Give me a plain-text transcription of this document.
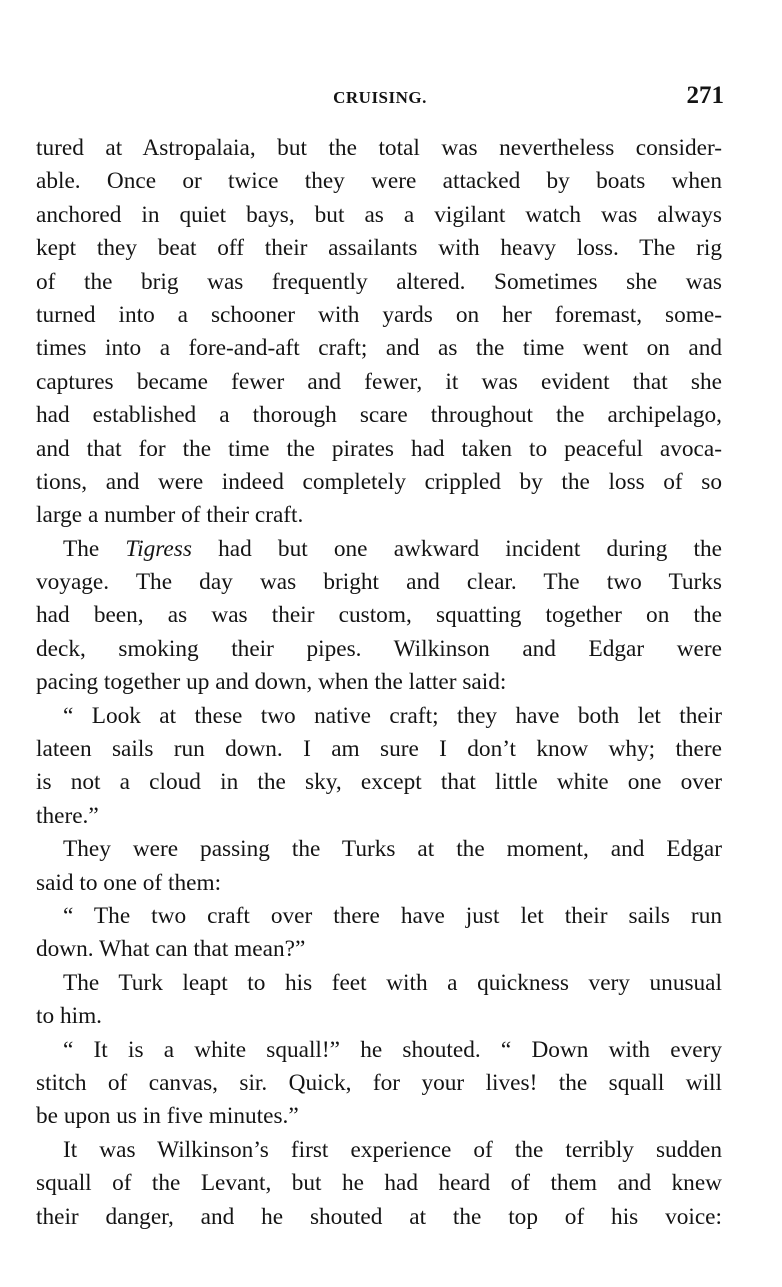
CRUISING.	271
tured at Astropalaia, but the total was nevertheless consider-
able. Once or twice they were attacked by boats when
anchored in quiet bays, but as a vigilant watch was always
kept they beat off their assailants with heavy loss. The rig
of the brig was frequently altered. Sometimes she was
turned into a schooner with yards on her foremast, some-
times into a fore-and-aft craft; and as the time went on and
captures became fewer and fewer, it was evident that she
had established a thorough scare throughout the archipelago,
and that for the time the pirates had taken to peaceful avoca-
tions, and were indeed completely crippled by the loss of so
large a number of their craft.
The Tigress had but one awkward incident during the
voyage. The day was bright and clear. The two Turks
had been, as was their custom, squatting together on the
deck, smoking their pipes. Wilkinson and Edgar were
pacing together up and down, when the latter said:
“ Look at these two native craft; they have both let their
lateen sails run down. I am sure I don’t know why; there
is not a cloud in the sky, except that little white one over
there.”
They were passing the Turks at the moment, and Edgar
said to one of them:
“ The two craft over there have just let their sails run
down. What can that mean?”
The Turk leapt to his feet with a quickness very unusual
to him.
“ It is a white squall!” he shouted. “ Down with every
stitch of canvas, sir. Quick, for your lives! the squall will
be upon us in five minutes.”
It was Wilkinson’s first experience of the terribly sudden
squall of the Levant, but he had heard of them and knew
their danger, and he shouted at the top of his voice:
